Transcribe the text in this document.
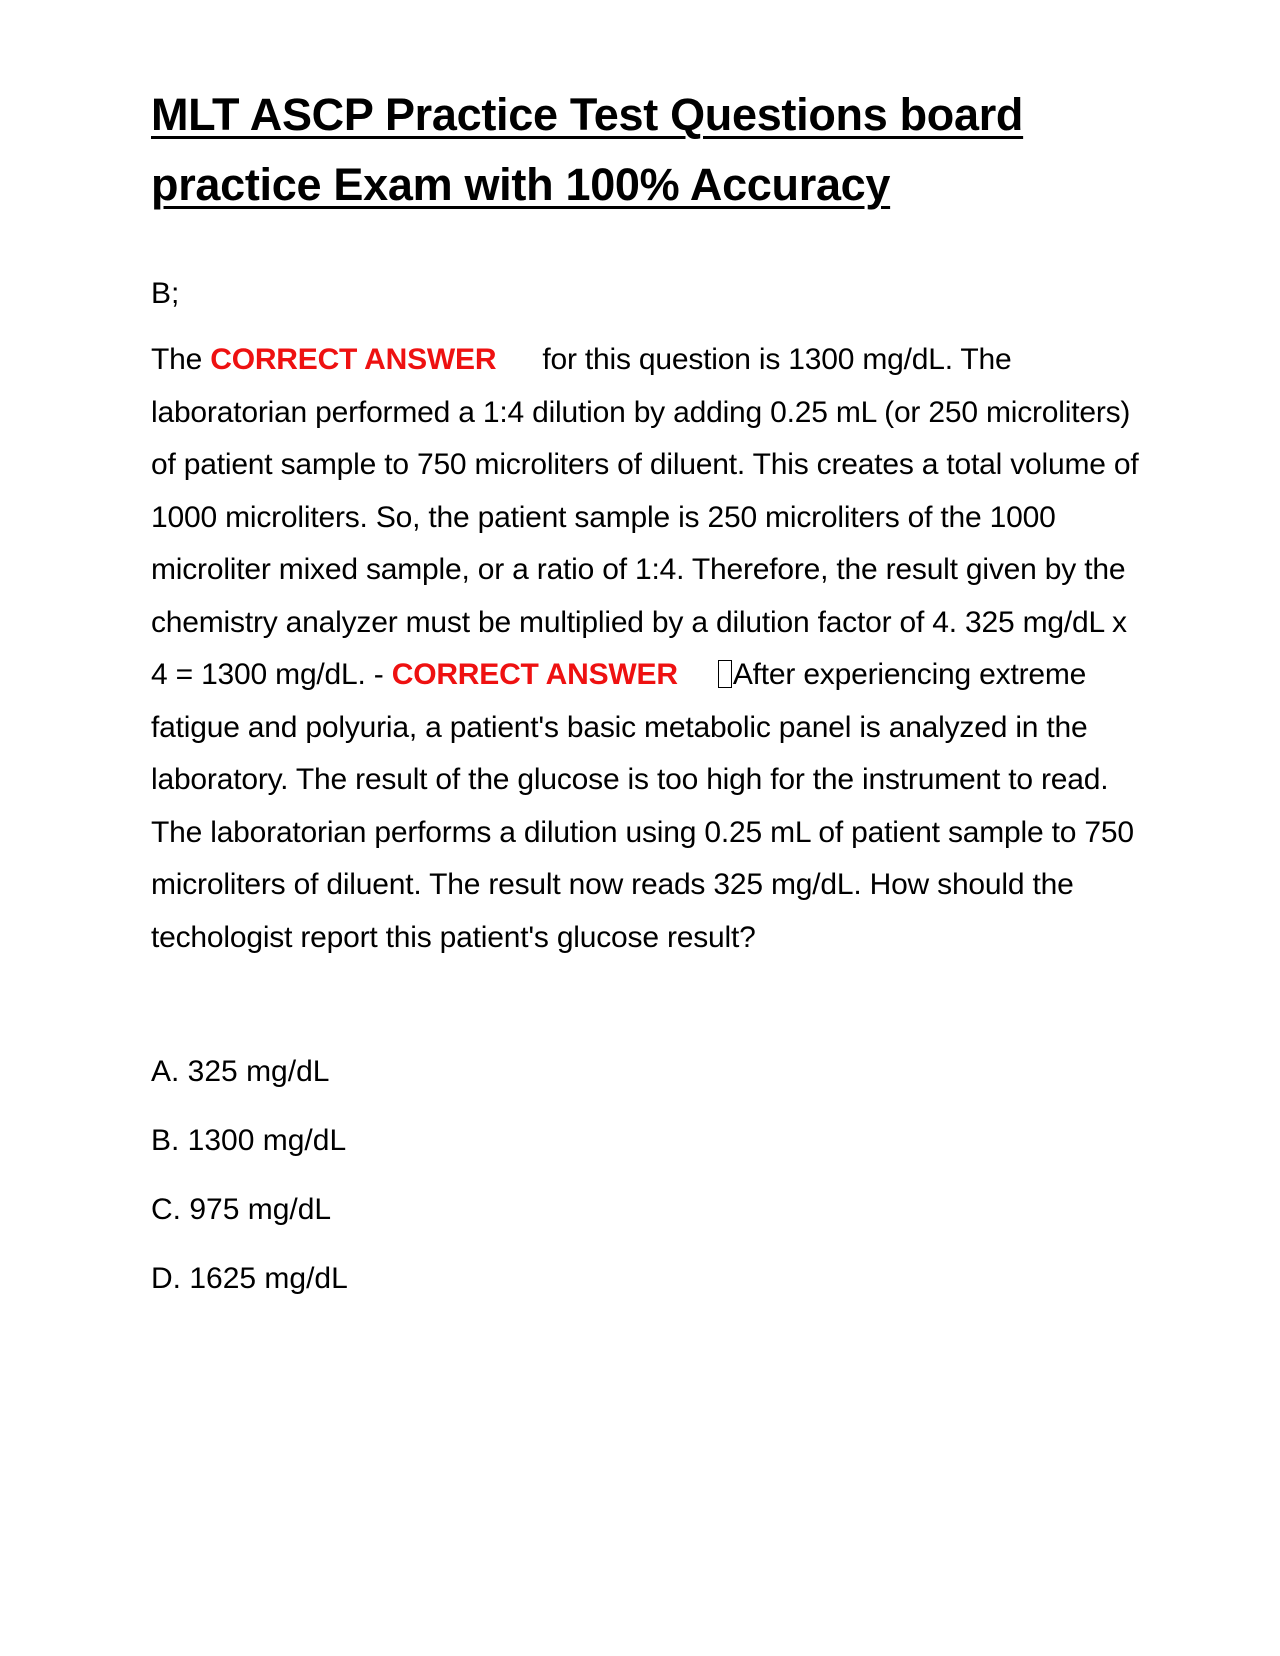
MLT ASCP Practice Test Questions board practice Exam with 100% Accuracy

B;

The CORRECT ANSWER for this question is 1300 mg/dL. The laboratorian performed a 1:4 dilution by adding 0.25 mL (or 250 microliters) of patient sample to 750 microliters of diluent. This creates a total volume of 1000 microliters. So, the patient sample is 250 microliters of the 1000 microliter mixed sample, or a ratio of 1:4. Therefore, the result given by the chemistry analyzer must be multiplied by a dilution factor of 4. 325 mg/dL x 4 = 1300 mg/dL. - CORRECT ANSWER After experiencing extreme fatigue and polyuria, a patient's basic metabolic panel is analyzed in the laboratory. The result of the glucose is too high for the instrument to read. The laboratorian performs a dilution using 0.25 mL of patient sample to 750 microliters of diluent. The result now reads 325 mg/dL. How should the techologist report this patient's glucose result?

A. 325 mg/dL
B. 1300 mg/dL
C. 975 mg/dL
D. 1625 mg/dL
